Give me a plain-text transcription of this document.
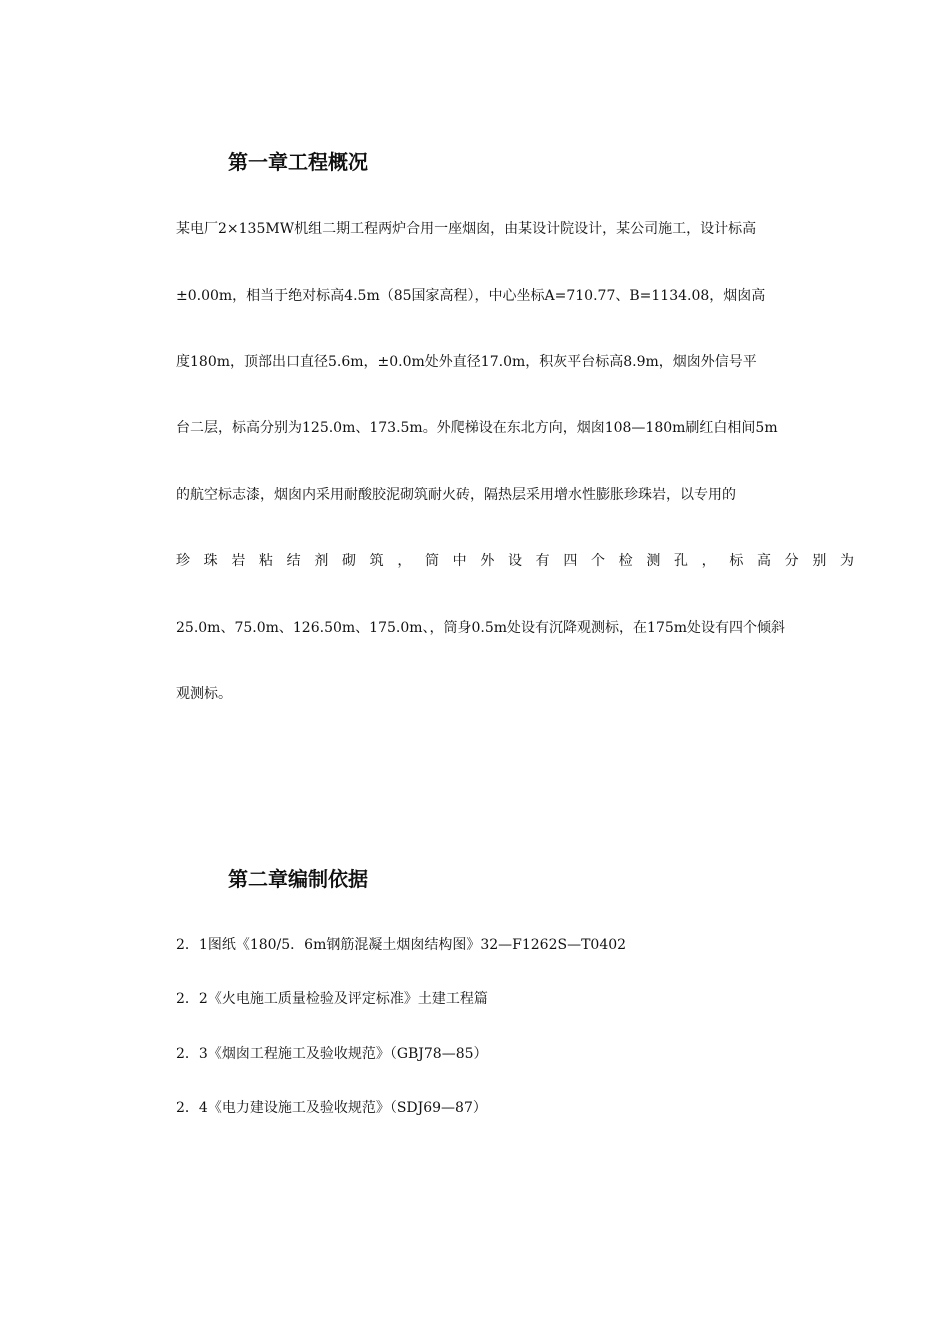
第一章工程概况
某电厂2×135MW机组二期工程两炉合用一座烟囱，由某设计院设计，某公司施工，设计标高
±0.00m，相当于绝对标高4.5m（85国家高程），中心坐标A=710.77、B=1134.08，烟囱高
度180m，顶部出口直径5.6m，±0.0m处外直径17.0m，积灰平台标高8.9m，烟囱外信号平
台二层，标高分别为125.0m、173.5m。外爬梯设在东北方向，烟囱108—180m刷红白相间5m
的航空标志漆，烟囱内采用耐酸胶泥砌筑耐火砖，隔热层采用增水性膨胀珍珠岩，以专用的
珍 珠 岩 粘 结 剂 砌 筑 ， 筒 中 外 设 有 四 个 检 测 孔 ， 标 高 分 别 为
25.0m、75.0m、126.50m、175.0m、，筒身0.5m处设有沉降观测标，在175m处设有四个倾斜
观测标。
第二章编制依据
2．1图纸《180/5．6m钢筋混凝土烟囱结构图》32—F1262S—T0402
2．2《火电施工质量检验及评定标准》土建工程篇
2．3《烟囱工程施工及验收规范》（GBJ78—85）
2．4《电力建设施工及验收规范》（SDJ69—87）
